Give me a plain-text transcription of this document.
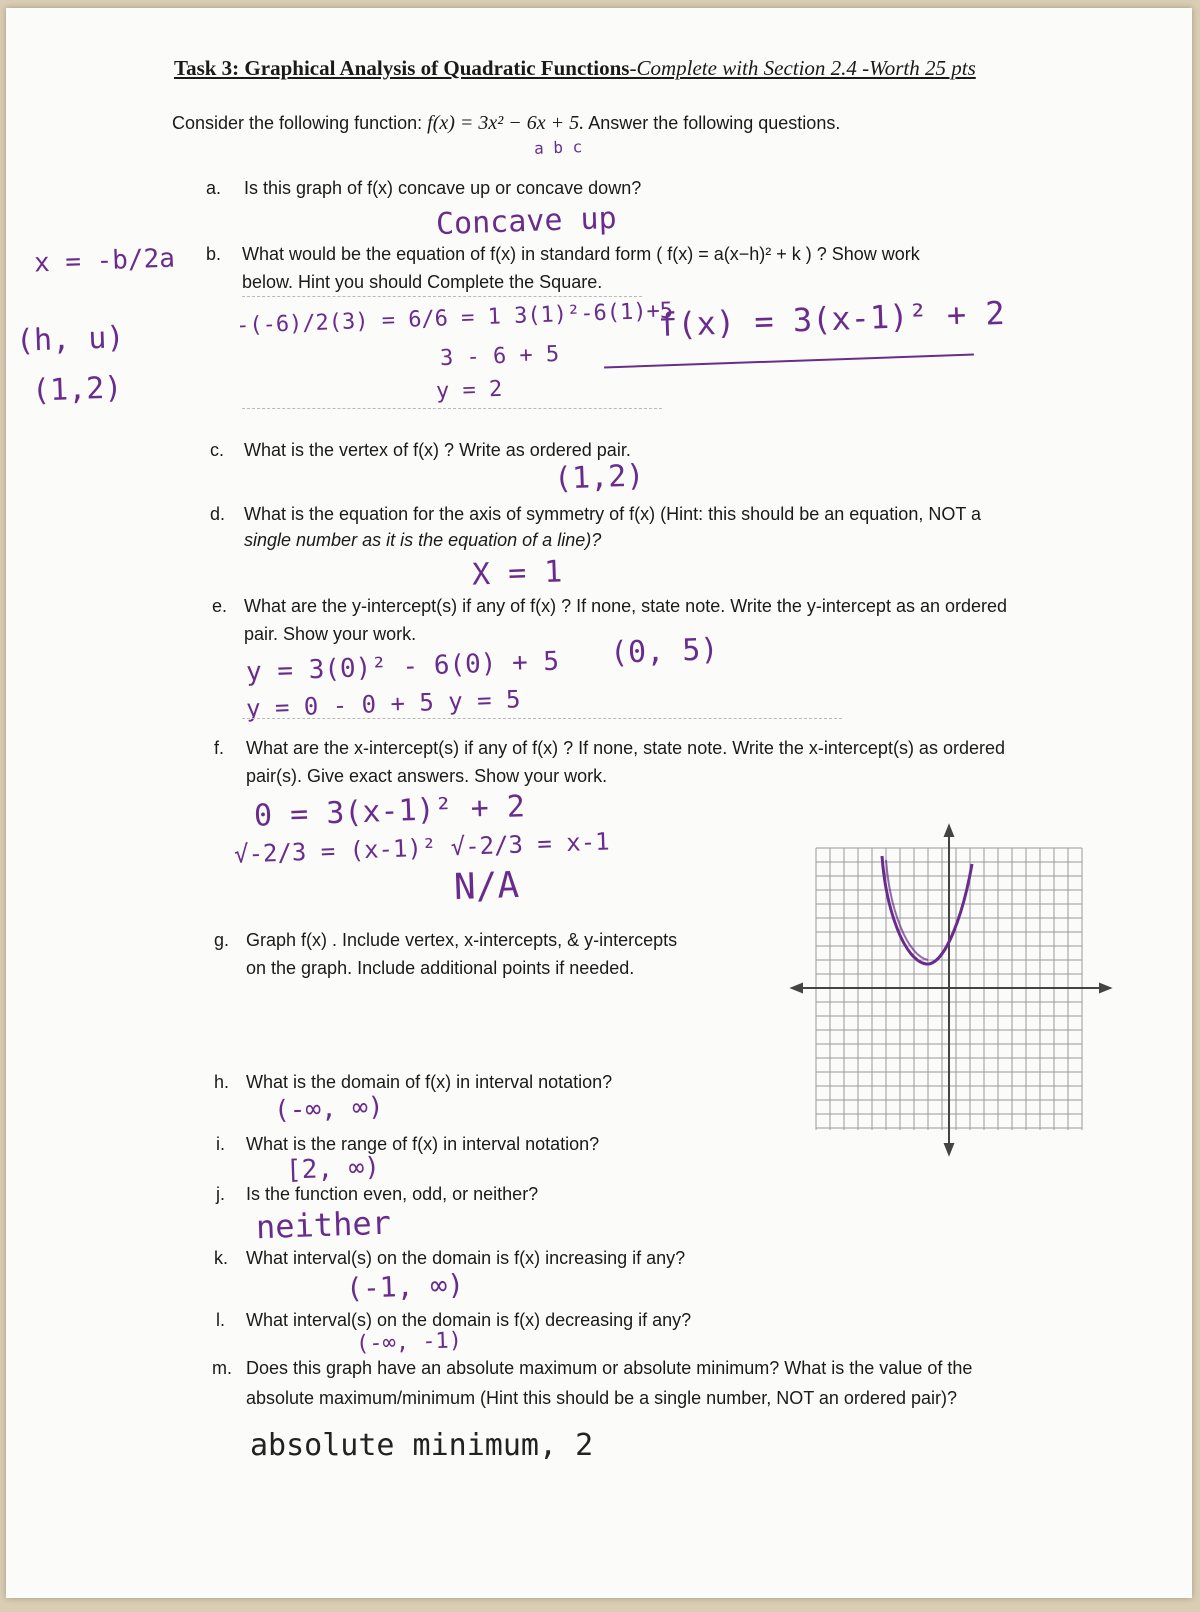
Task 3: Graphical Analysis of Quadratic Functions-Complete with Section 2.4 -Worth 25 pts
Consider the following function: f(x) = 3x² − 6x + 5. Answer the following questions.
a b c
x = -b/2a
(h, u)
(1,2)
a. Is this graph of f(x) concave up or concave down?
Concave up
b. What would be the equation of f(x) in standard form ( f(x) = a(x−h)² + k ) ? Show work
below. Hint you should Complete the Square.
-(-6)/2(3) = 6/6 = 1 3(1)²-6(1)+5
3 - 6 + 5
y = 2
f(x) = 3(x-1)² + 2
c. What is the vertex of f(x) ? Write as ordered pair.
(1,2)
d. What is the equation for the axis of symmetry of f(x) (Hint: this should be an equation, NOT a
single number as it is the equation of a line)?
X = 1
e. What are the y-intercept(s) if any of f(x) ? If none, state note. Write the y-intercept as an ordered
pair. Show your work.
y = 3(0)² - 6(0) + 5
y = 0 - 0 + 5 y = 5
(0, 5)
f. What are the x-intercept(s) if any of f(x) ? If none, state note. Write the x-intercept(s) as ordered
pair(s). Give exact answers. Show your work.
0 = 3(x-1)² + 2
√-2/3 = (x-1)² √-2/3 = x-1
N/A
g. Graph f(x) . Include vertex, x-intercepts, & y-intercepts
on the graph. Include additional points if needed.
h. What is the domain of f(x) in interval notation?
(-∞, ∞)
i. What is the range of f(x) in interval notation?
[2, ∞)
j. Is the function even, odd, or neither?
neither
k. What interval(s) on the domain is f(x) increasing if any?
(-1, ∞)
l. What interval(s) on the domain is f(x) decreasing if any?
(-∞, -1)
m. Does this graph have an absolute maximum or absolute minimum? What is the value of the
absolute maximum/minimum (Hint this should be a single number, NOT an ordered pair)?
absolute minimum, 2
